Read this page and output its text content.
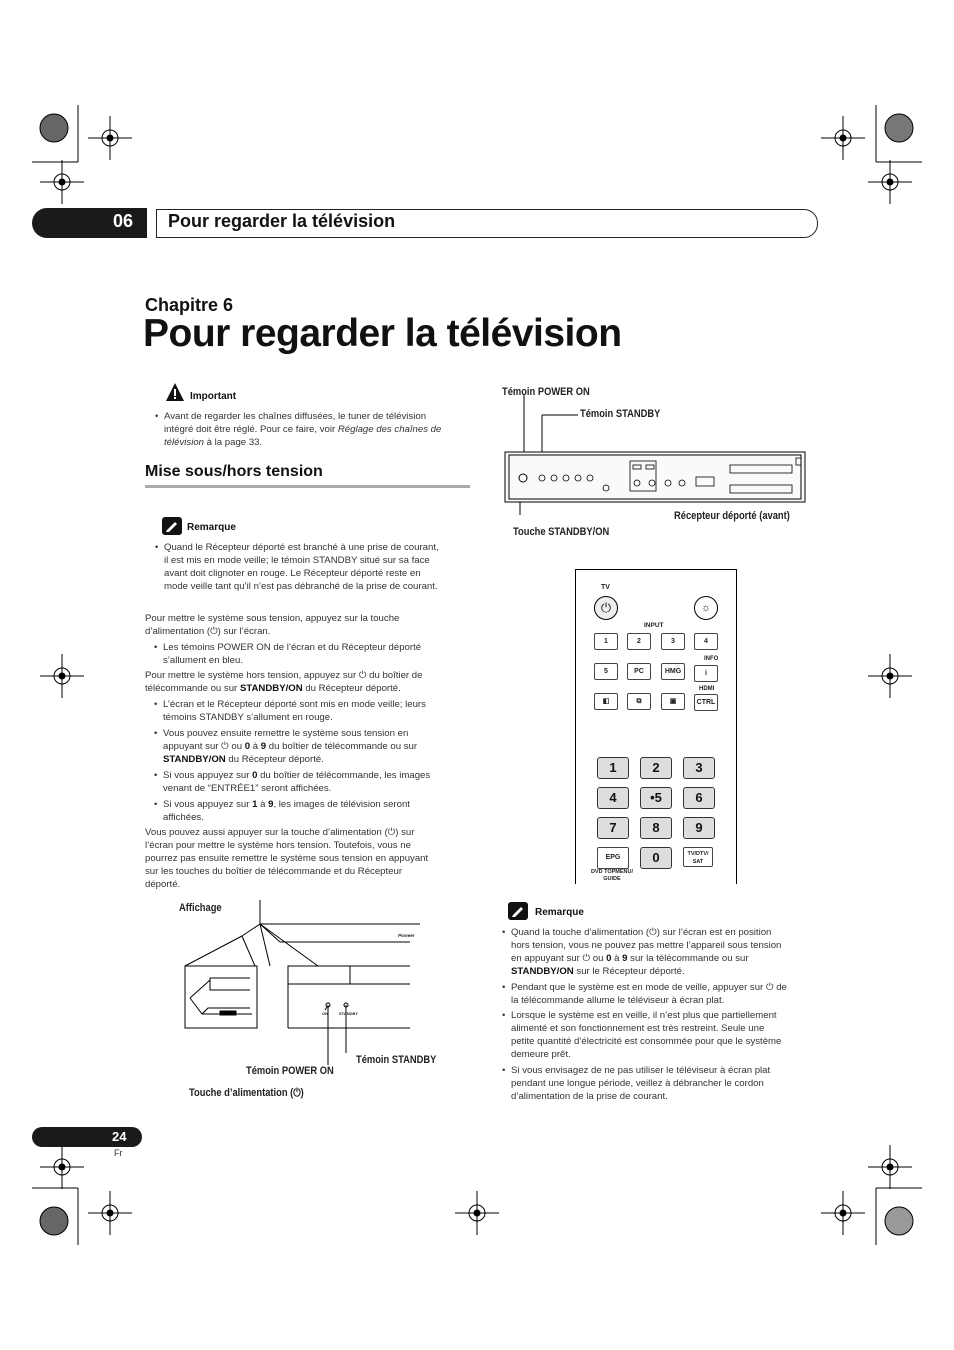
06 Pour regarder la télévision
Chapitre 6
Pour regarder la télévision
Important
• Avant de regarder les chaînes diffusées, le tuner de télévision
intégré doit être réglé. Pour ce faire, voir Réglage des chaînes de
télévision à la page 33.
Mise sous/hors tension
Remarque
• Quand le Récepteur déporté est branché à une prise de courant,
il est mis en mode veille; le témoin STANDBY situé sur sa face
avant doit clignoter en rouge. Le Récepteur déporté reste en
mode veille tant qu’il n’est pas débranché de la prise de courant.
Pour mettre le système sous tension, appuyez sur la touche
d’alimentation (⏻) sur l’écran.
• Les témoins POWER ON de l’écran et du Récepteur déporté
s’allument en bleu.
Pour mettre le système hors tension, appuyez sur ⏻ du boîtier de
télécommande ou sur STANDBY/ON du Récepteur déporté.
• L’écran et le Récepteur déporté sont mis en mode veille; leurs
témoins STANDBY s’allument en rouge.
• Vous pouvez ensuite remettre le système sous tension en
appuyant sur ⏻ ou 0 à 9 du boîtier de télécommande ou sur
STANDBY/ON du Récepteur déporté.
• Si vous appuyez sur 0 du boîtier de télécommande, les images
venant de “ENTRÉE1” seront affichées.
• Si vous appuyez sur 1 à 9, les images de télévision seront
affichées.
Vous pouvez aussi appuyer sur la touche d’alimentation (⏻) sur
l’écran pour mettre le système hors tension. Toutefois, vous ne
pourrez pas ensuite remettre le système sous tension en appuyant
sur les touches du boîtier de télécommande et du Récepteur
déporté.
Témoin POWER ON
Témoin STANDBY
Récepteur déporté (avant)
Touche STANDBY/ON
TV
⏻	☼
INPUT
1	2	3	4
5	PC	HMG
INFO
i
◧	⧉	▣
HDMI
CTRL
1	2	3
4	•5	6
7	8	9
EPG	0	TV/DTV/
SAT
DVD TOPMENU/
GUIDE
Affichage
Pioneer
ON	STANDBY
Témoin STANDBY
Témoin POWER ON
Touche d’alimentation (⏻)
Remarque
• Quand la touche d’alimentation (⏻) sur l’écran est en position
hors tension, vous ne pouvez pas mettre l’appareil sous tension
en appuyant sur ⏻ ou 0 à 9 sur la télécommande ou sur
STANDBY/ON sur le Récepteur déporté.
• Pendant que le système est en mode de veille, appuyer sur ⏻ de
la télécommande allume le téléviseur à écran plat.
• Lorsque le système est en veille, il n’est plus que partiellement
alimenté et son fonctionnement est très restreint. Seule une
petite quantité d’électricité est consommée pour que le système
demeure prêt.
• Si vous envisagez de ne pas utiliser le téléviseur à écran plat
pendant une longue période, veillez à débrancher le cordon
d’alimentation de la prise de courant.
24
Fr
